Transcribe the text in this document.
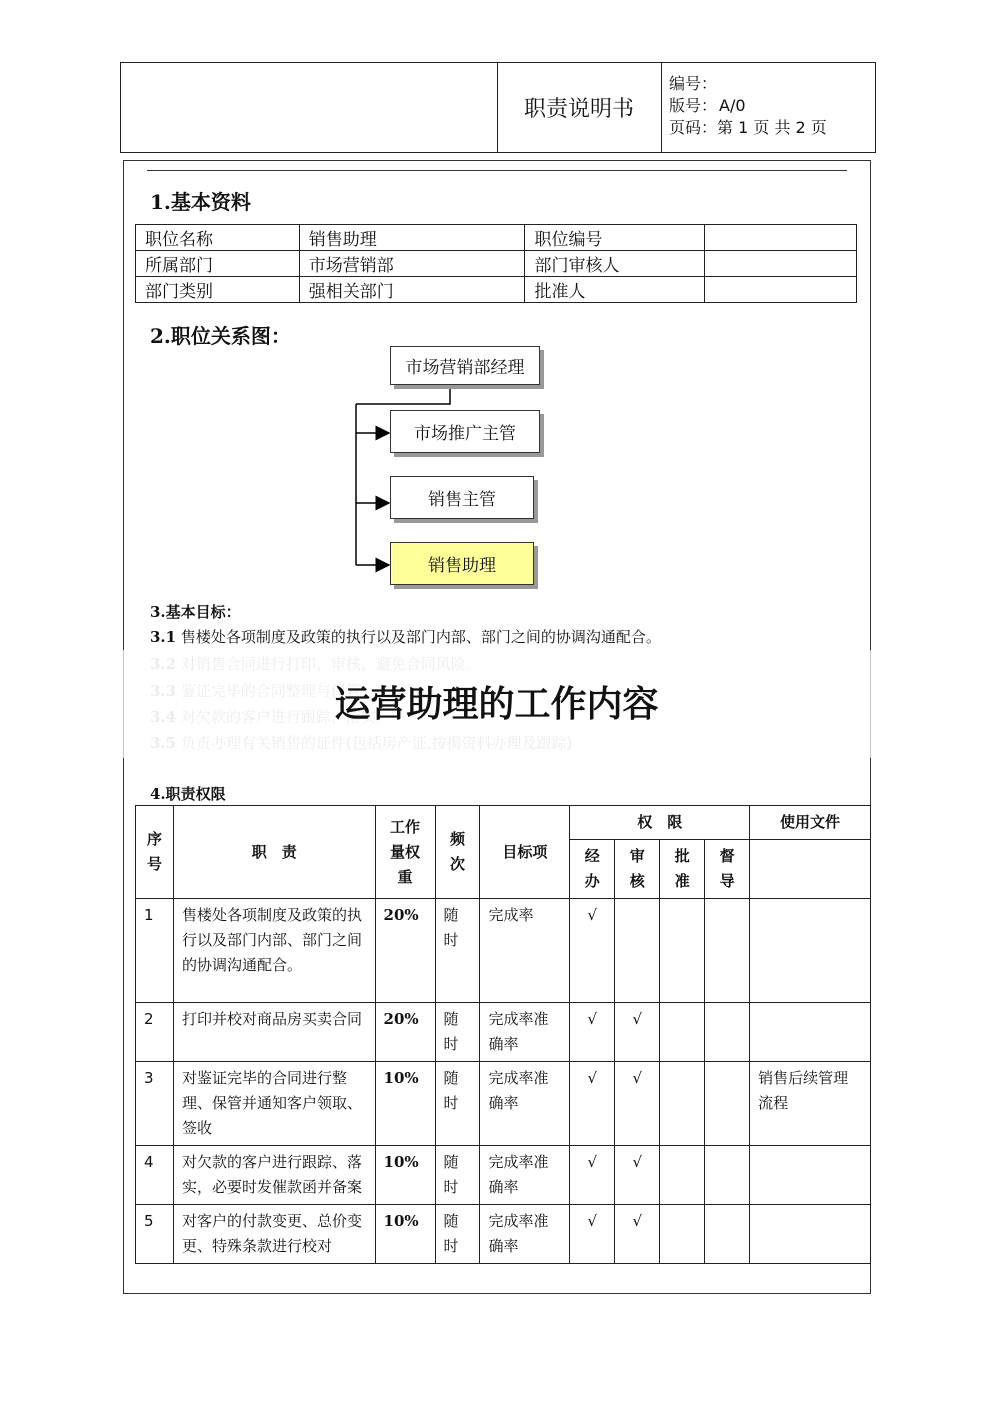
职责说明书
编号：
版号： A/0
页码：第 1 页 共 2 页
1.基本资料
职位名称	销售助理	职位编号	
所属部门	市场营销部	部门审核人	
部门类别	强相关部门	批准人	
2.职位关系图：
市场营销部经理
市场推广主管
销售主管
销售助理
3.基本目标：
3.1 售楼处各项制度及政策的执行以及部门内部、部门之间的协调沟通配合。
运营助理的工作内容
4.职责权限
序号	职　责	工作量权重	频次	目标项	权　限				使用文件
					经办	审核	批准	督导	
1	售楼处各项制度及政策的执行以及部门内部、部门之间的协调沟通配合。	20%	随时	完成率	√				
2	打印并校对商品房买卖合同	20%	随时	完成率准确率	√	√			
3	对鉴证完毕的合同进行整理、保管并通知客户领取、签收	10%	随时	完成率准确率	√	√			销售后续管理流程
4	对欠款的客户进行跟踪、落实，必要时发催款函并备案	10%	随时	完成率准确率	√	√			
5	对客户的付款变更、总价变更、特殊条款进行校对	10%	随时	完成率准确率	√	√			
